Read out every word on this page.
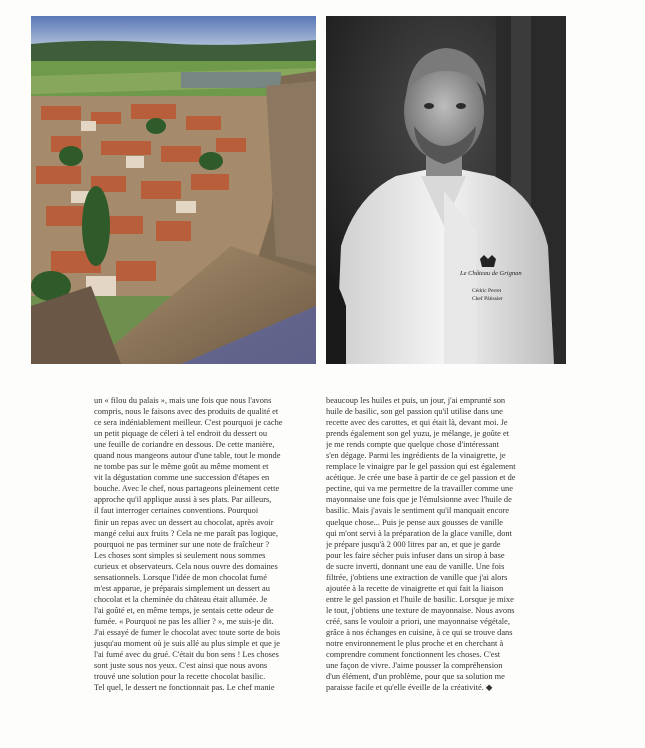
Le Château de Grignan
Cédric Perret
Chef Pâtissier
un « filou du palais », mais une fois que nous l'avons
compris, nous le faisons avec des produits de qualité et
ce sera indéniablement meilleur. C'est pourquoi je cache
un petit piquage de céleri à tel endroit du dessert ou
une feuille de coriandre en dessous. De cette manière,
quand nous mangeons autour d'une table, tout le monde
ne tombe pas sur le même goût au même moment et
vit la dégustation comme une succession d'étapes en
bouche. Avec le chef, nous partageons pleinement cette
approche qu'il applique aussi à ses plats. Par ailleurs,
il faut interroger certaines conventions. Pourquoi
finir un repas avec un dessert au chocolat, après avoir
mangé celui aux fruits ? Cela ne me paraît pas logique,
pourquoi ne pas terminer sur une note de fraîcheur ?
Les choses sont simples si seulement nous sommes
curieux et observateurs. Cela nous ouvre des domaines
sensationnels. Lorsque l'idée de mon chocolat fumé
m'est apparue, je préparais simplement un dessert au
chocolat et la cheminée du château était allumée. Je
l'ai goûté et, en même temps, je sentais cette odeur de
fumée. « Pourquoi ne pas les allier ? », me suis-je dit.
J'ai essayé de fumer le chocolat avec toute sorte de bois
jusqu'au moment où je suis allé au plus simple et que je
l'ai fumé avec du grué. C'était du bon sens ! Les choses
sont juste sous nos yeux. C'est ainsi que nous avons
trouvé une solution pour la recette chocolat basilic.
Tel quel, le dessert ne fonctionnait pas. Le chef manie
beaucoup les huiles et puis, un jour, j'ai emprunté son
huile de basilic, son gel passion qu'il utilise dans une
recette avec des carottes, et qui était là, devant moi. Je
prends également son gel yuzu, je mélange, je goûte et
je me rends compte que quelque chose d'intéressant
s'en dégage. Parmi les ingrédients de la vinaigrette, je
remplace le vinaigre par le gel passion qui est également
acétique. Je crée une base à partir de ce gel passion et de
pectine, qui va me permettre de la travailler comme une
mayonnaise une fois que je l'émulsionne avec l'huile de
basilic. Mais j'avais le sentiment qu'il manquait encore
quelque chose... Puis je pense aux gousses de vanille
qui m'ont servi à la préparation de la glace vanille, dont
je prépare jusqu'à 2 000 litres par an, et que je garde
pour les faire sécher puis infuser dans un sirop à base
de sucre inverti, donnant une eau de vanille. Une fois
filtrée, j'obtiens une extraction de vanille que j'ai alors
ajoutée à la recette de vinaigrette et qui fait la liaison
entre le gel passion et l'huile de basilic. Lorsque je mixe
le tout, j'obtiens une texture de mayonnaise. Nous avons
créé, sans le vouloir a priori, une mayonnaise végétale,
grâce à nos échanges en cuisine, à ce qui se trouve dans
notre environnement le plus proche et en cherchant à
comprendre comment fonctionnent les choses. C'est
une façon de vivre. J'aime pousser la compréhension
d'un élément, d'un problème, pour que sa solution me
paraisse facile et qu'elle éveille de la créativité. ◆
